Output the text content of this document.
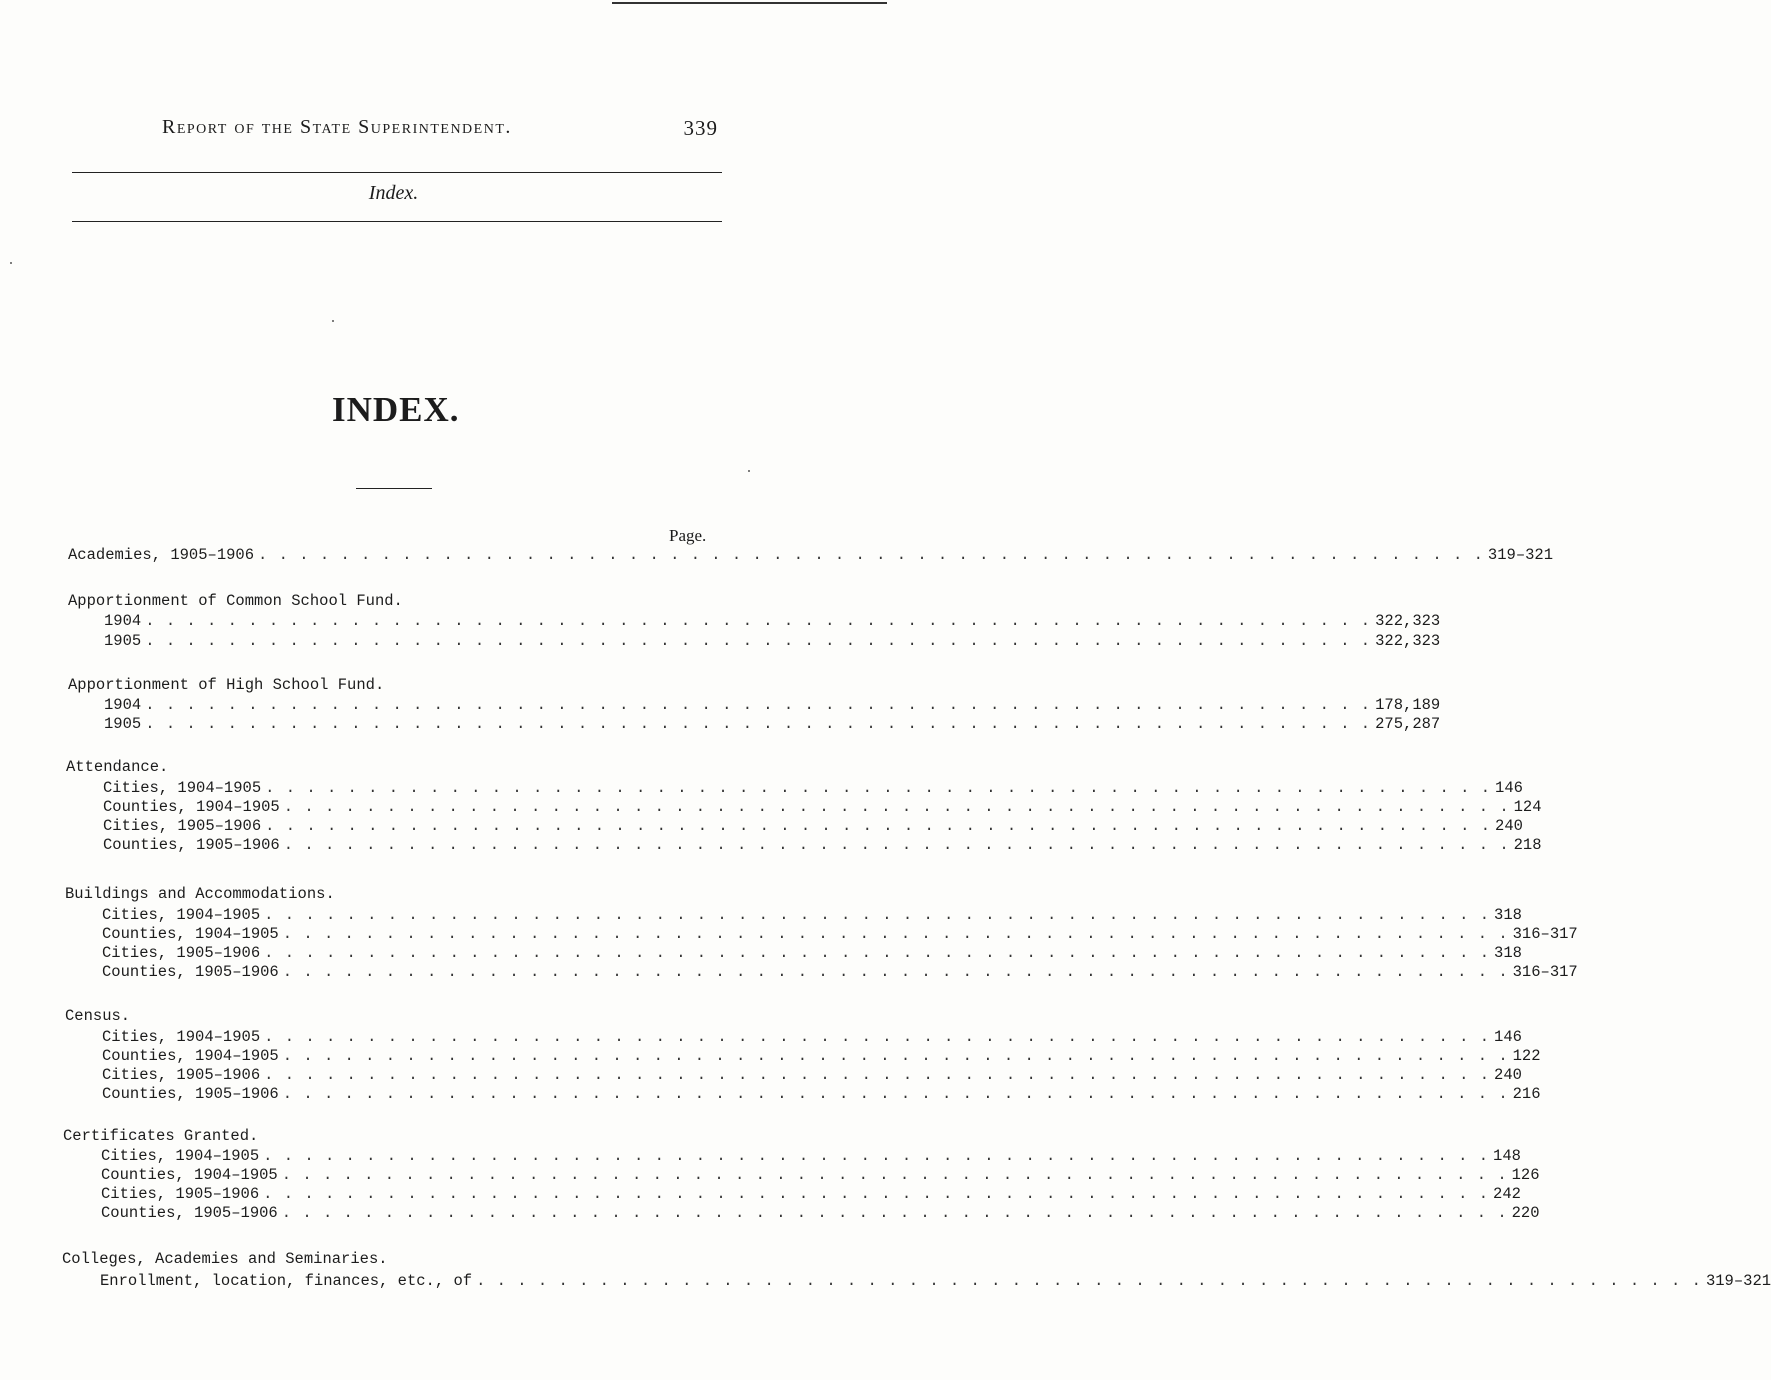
Report of the State Superintendent.	339
Index.
INDEX.
Page.
Academies, 1905–1906 . . . . . . . . . . . . . . . . . . . . . . . . . . . . . . . . . . . . . . . . . . . . . . . . . . . . . . . . . . . . 319–321
Apportionment of Common School Fund.
1904 . . . . . . . . . . . . . . . . . . . . . . . . . . . . . . . . . . . . . . . . . . . . . . . . . . . . . . . . . . . . 322,323
1905 . . . . . . . . . . . . . . . . . . . . . . . . . . . . . . . . . . . . . . . . . . . . . . . . . . . . . . . . . . . . 322,323
Apportionment of High School Fund.
1904 . . . . . . . . . . . . . . . . . . . . . . . . . . . . . . . . . . . . . . . . . . . . . . . . . . . . . . . . . . . . 178,189
1905 . . . . . . . . . . . . . . . . . . . . . . . . . . . . . . . . . . . . . . . . . . . . . . . . . . . . . . . . . . . . 275,287
Attendance.
Cities, 1904–1905 . . . . . . . . . . . . . . . . . . . . . . . . . . . . . . . . . . . . . . . . . . . . . . . . . . . . . . . . . . . . 146
Counties, 1904–1905 . . . . . . . . . . . . . . . . . . . . . . . . . . . . . . . . . . . . . . . . . . . . . . . . . . . . . . . . . . . . 124
Cities, 1905–1906 . . . . . . . . . . . . . . . . . . . . . . . . . . . . . . . . . . . . . . . . . . . . . . . . . . . . . . . . . . . . 240
Counties, 1905–1906 . . . . . . . . . . . . . . . . . . . . . . . . . . . . . . . . . . . . . . . . . . . . . . . . . . . . . . . . . . . . 218
Buildings and Accommodations.
Cities, 1904–1905 . . . . . . . . . . . . . . . . . . . . . . . . . . . . . . . . . . . . . . . . . . . . . . . . . . . . . . . . . . . . 318
Counties, 1904–1905 . . . . . . . . . . . . . . . . . . . . . . . . . . . . . . . . . . . . . . . . . . . . . . . . . . . . . . . . . . . . 316–317
Cities, 1905–1906 . . . . . . . . . . . . . . . . . . . . . . . . . . . . . . . . . . . . . . . . . . . . . . . . . . . . . . . . . . . . 318
Counties, 1905–1906 . . . . . . . . . . . . . . . . . . . . . . . . . . . . . . . . . . . . . . . . . . . . . . . . . . . . . . . . . . . . 316–317
Census.
Cities, 1904–1905 . . . . . . . . . . . . . . . . . . . . . . . . . . . . . . . . . . . . . . . . . . . . . . . . . . . . . . . . . . . . 146
Counties, 1904–1905 . . . . . . . . . . . . . . . . . . . . . . . . . . . . . . . . . . . . . . . . . . . . . . . . . . . . . . . . . . . . 122
Cities, 1905–1906 . . . . . . . . . . . . . . . . . . . . . . . . . . . . . . . . . . . . . . . . . . . . . . . . . . . . . . . . . . . . 240
Counties, 1905–1906 . . . . . . . . . . . . . . . . . . . . . . . . . . . . . . . . . . . . . . . . . . . . . . . . . . . . . . . . . . . . 216
Certificates Granted.
Cities, 1904–1905 . . . . . . . . . . . . . . . . . . . . . . . . . . . . . . . . . . . . . . . . . . . . . . . . . . . . . . . . . . . . 148
Counties, 1904–1905 . . . . . . . . . . . . . . . . . . . . . . . . . . . . . . . . . . . . . . . . . . . . . . . . . . . . . . . . . . . . 126
Cities, 1905–1906 . . . . . . . . . . . . . . . . . . . . . . . . . . . . . . . . . . . . . . . . . . . . . . . . . . . . . . . . . . . . 242
Counties, 1905–1906 . . . . . . . . . . . . . . . . . . . . . . . . . . . . . . . . . . . . . . . . . . . . . . . . . . . . . . . . . . . . 220
Colleges, Academies and Seminaries.
Enrollment, location, finances, etc., of . . . . . . . . . . . . . . . . . . . . . . . . . . . . . . . . . . . . . . . . . . . . . . . . . . . . . . . . . . . . 319–321
